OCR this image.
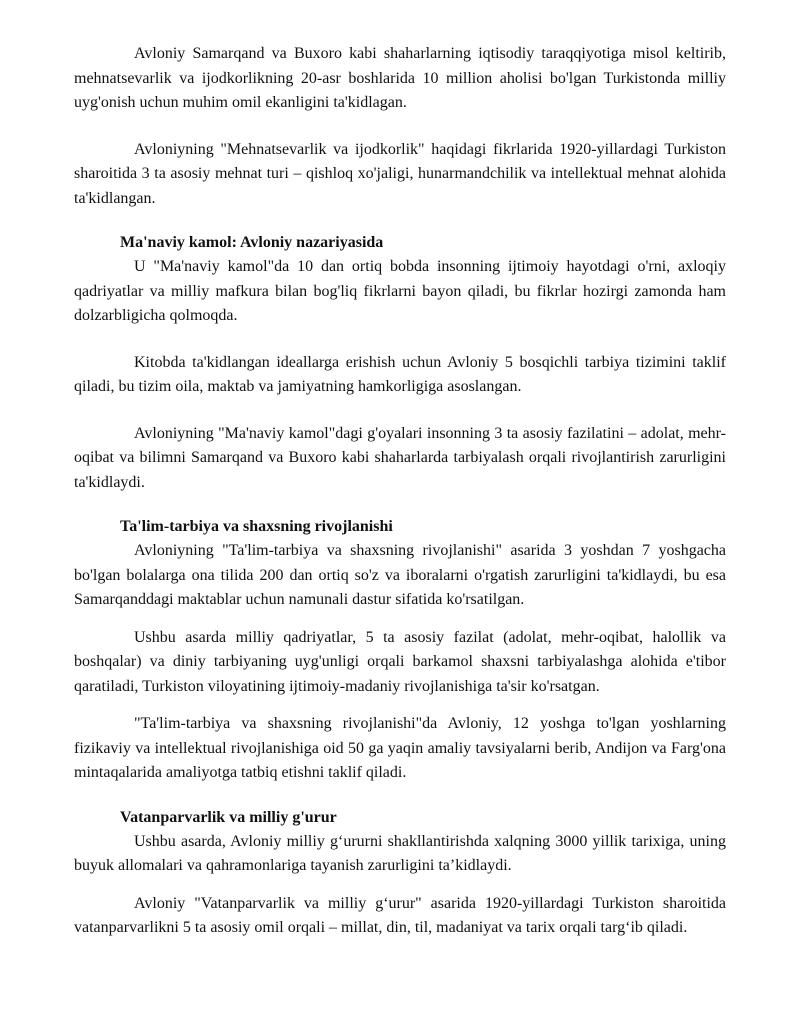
Avloniy Samarqand va Buxoro kabi shaharlarning iqtisodiy taraqqiyotiga misol keltirib, mehnatsevarlik va ijodkorlikning 20-asr boshlarida 10 million aholisi bo'lgan Turkistonda milliy uyg'onish uchun muhim omil ekanligini ta'kidlagan.

Avloniyning "Mehnatsevarlik va ijodkorlik" haqidagi fikrlarida 1920-yillardagi Turkiston sharoitida 3 ta asosiy mehnat turi – qishloq xo'jaligi, hunarmandchilik va intellektual mehnat alohida ta'kidlangan.

Ma'naviy kamol: Avloniy nazariyasida

U "Ma'naviy kamol"da 10 dan ortiq bobda insonning ijtimoiy hayotdagi o'rni, axloqiy qadriyatlar va milliy mafkura bilan bog'liq fikrlarni bayon qiladi, bu fikrlar hozirgi zamonda ham dolzarbligicha qolmoqda.

Kitobda ta'kidlangan ideallarga erishish uchun Avloniy 5 bosqichli tarbiya tizimini taklif qiladi, bu tizim oila, maktab va jamiyatning hamkorligiga asoslangan.

Avloniyning "Ma'naviy kamol"dagi g'oyalari insonning 3 ta asosiy fazilatini – adolat, mehr-oqibat va bilimni Samarqand va Buxoro kabi shaharlarda tarbiyalash orqali rivojlantirish zarurligini ta'kidlaydi.

Ta'lim-tarbiya va shaxsning rivojlanishi

Avloniyning "Ta'lim-tarbiya va shaxsning rivojlanishi" asarida 3 yoshdan 7 yoshgacha bo'lgan bolalarga ona tilida 200 dan ortiq so'z va iboralarni o'rgatish zarurligini ta'kidlaydi, bu esa Samarqanddagi maktablar uchun namunali dastur sifatida ko'rsatilgan.

Ushbu asarda milliy qadriyatlar, 5 ta asosiy fazilat (adolat, mehr-oqibat, halollik va boshqalar) va diniy tarbiyaning uyg'unligi orqali barkamol shaxsni tarbiyalashga alohida e'tibor qaratiladi, Turkiston viloyatining ijtimoiy-madaniy rivojlanishiga ta'sir ko'rsatgan.

"Ta'lim-tarbiya va shaxsning rivojlanishi"da Avloniy, 12 yoshga to'lgan yoshlarning fizikaviy va intellektual rivojlanishiga oid 50 ga yaqin amaliy tavsiyalarni berib, Andijon va Farg'ona mintaqalarida amaliyotga tatbiq etishni taklif qiladi.

Vatanparvarlik va milliy g'urur

Ushbu asarda, Avloniy milliy g‘ururni shakllantirishda xalqning 3000 yillik tarixiga, uning buyuk allomalari va qahramonlariga tayanish zarurligini ta’kidlaydi.

Avloniy "Vatanparvarlik va milliy g‘urur" asarida 1920-yillardagi Turkiston sharoitida vatanparvarlikni 5 ta asosiy omil orqali – millat, din, til, madaniyat va tarix orqali targ‘ib qiladi.
